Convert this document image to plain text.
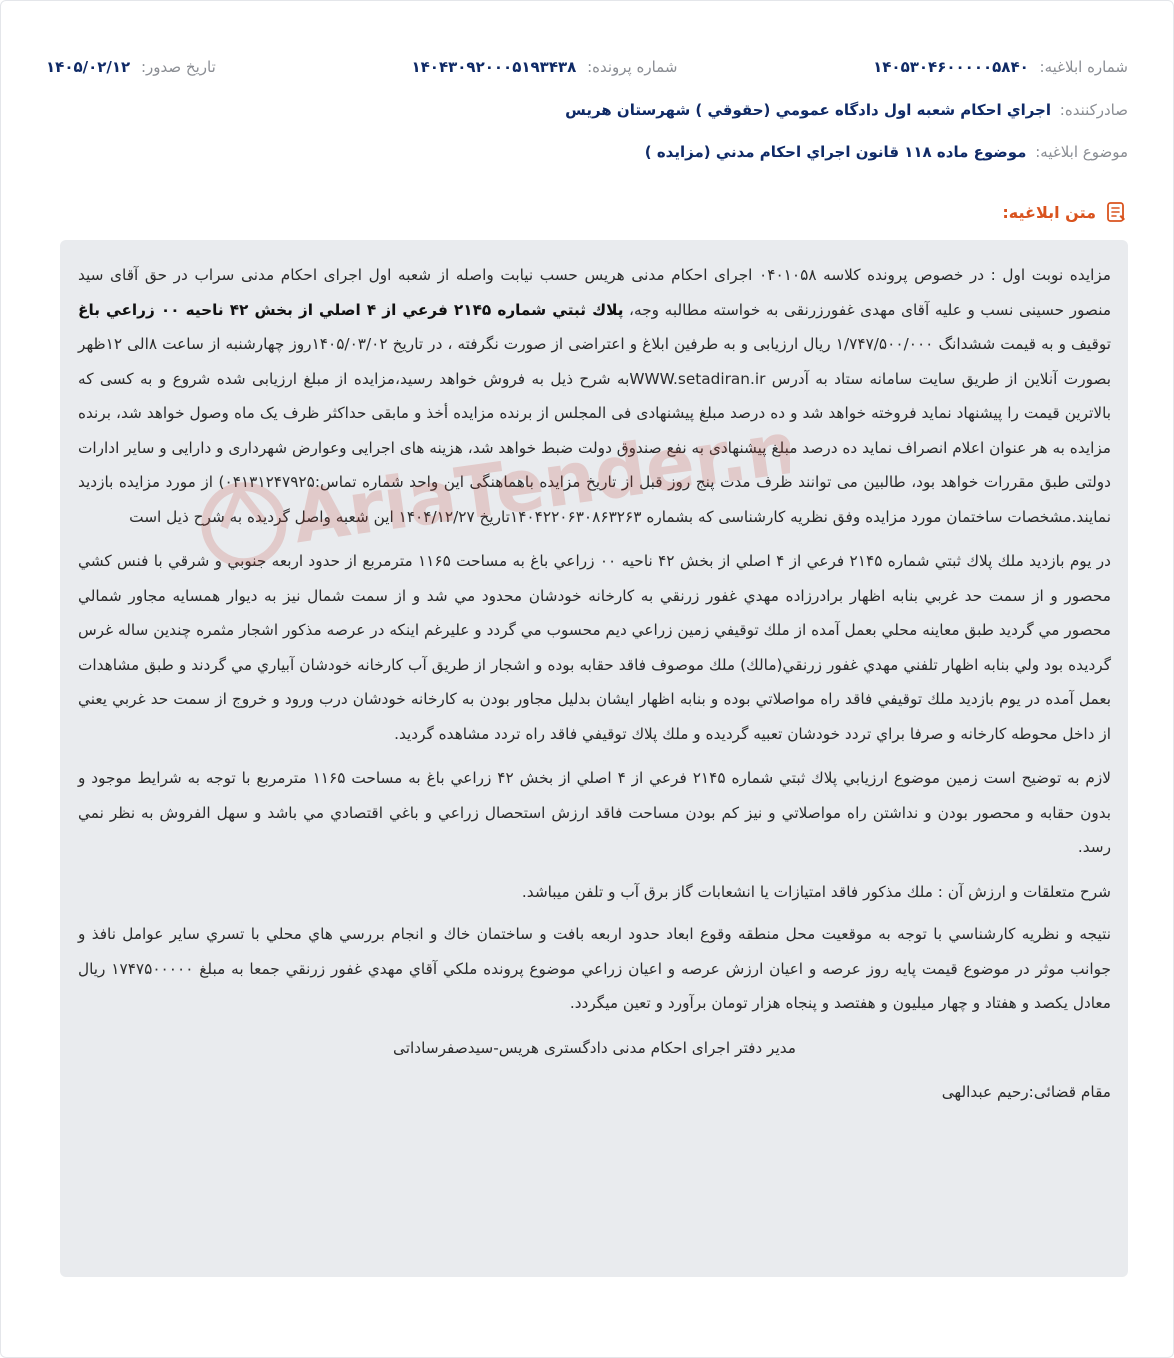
شماره ابلاغیه: ۱۴۰۵۳۰۴۶۰۰۰۰۰۵۸۴۰
شماره پرونده: ۱۴۰۴۳۰۹۲۰۰۰۵۱۹۳۴۳۸
تاریخ صدور: ۱۴۰۵/۰۲/۱۲
صادرکننده: اجراي احكام شعبه اول دادگاه عمومي (حقوقي ) شهرستان هريس
موضوع ابلاغیه: موضوع ماده ۱۱۸ قانون اجراي احكام مدني (مزايده )
متن ابلاغیه:

مزایده نوبت اول : در خصوص پرونده کلاسه ۰۴۰۱۰۵۸ اجرای احکام مدنی هریس حسب نیابت واصله از شعبه اول اجرای احکام مدنی سراب در حق آقای سید منصور حسینی نسب و علیه آقای مهدی غفورزرنقی به خواسته مطالبه وجه، پلاك ثبتي شماره ۲۱۴۵ فرعي از ۴ اصلي از بخش ۴۲ ناحيه ۰۰ زراعي باغ توقیف و به قیمت ششدانگ ۱/۷۴۷/۵۰۰/۰۰۰ ریال ارزیابی و به طرفین ابلاغ و اعتراضی از صورت نگرفته ، در تاریخ ۱۴۰۵/۰۳/۰۲روز چهارشنبه از ساعت ۸الی ۱۲ظهر بصورت آنلاین از طریق سایت سامانه ستاد به آدرس WWW.setadiran.irبه شرح ذیل به فروش خواهد رسید،مزایده از مبلغ ارزیابی شده شروع و به کسی که بالاترین قیمت را پیشنهاد نماید فروخته خواهد شد و ده درصد مبلغ پیشنهادی فی المجلس از برنده مزایده أخذ و مابقی حداکثر ظرف یک ماه وصول خواهد شد، برنده مزایده به هر عنوان اعلام انصراف نماید ده درصد مبلغ پیشنهادی به نفع صندوق دولت ضبط خواهد شد، هزینه های اجرایی وعوارض شهرداری و دارایی و سایر ادارات دولتی طبق مقررات خواهد بود، طالبین می توانند ظرف مدت پنج روز قبل از تاریخ مزایده باهماهنگی این واحد شماره تماس:۰۴۱۳۱۲۴۷۹۲۵) از مورد مزایده بازدید نمایند.مشخصات ساختمان مورد مزایده وفق نظریه کارشناسی که بشماره ۱۴۰۴۲۲۰۶۳۰۸۶۳۲۶۳تاریخ ۱۴۰۴/۱۲/۲۷ این شعبه واصل گردیده به شرح ذیل است

در يوم بازديد ملك پلاك ثبتي شماره ۲۱۴۵ فرعي از ۴ اصلي از بخش ۴۲ ناحيه ۰۰ زراعي باغ به مساحت ۱۱۶۵ مترمربع از حدود اربعه جنوبي و شرقي با فنس كشي محصور و از سمت حد غربي بنابه اظهار برادرزاده مهدي غفور زرنقي به كارخانه خودشان محدود مي شد و از سمت شمال نيز به ديوار همسايه مجاور شمالي محصور مي گرديد طبق معاينه محلي بعمل آمده از ملك توقيفي زمين زراعي ديم محسوب مي گردد و عليرغم اينكه در عرصه مذكور اشجار مثمره چندين ساله غرس گرديده بود ولي بنابه اظهار تلفني مهدي غفور زرنقي(مالك) ملك موصوف فاقد حقابه بوده و اشجار از طريق آب كارخانه خودشان آبياري مي گردند و طبق مشاهدات بعمل آمده در يوم بازديد ملك توقيفي فاقد راه مواصلاتي بوده و بنابه اظهار ايشان بدليل مجاور بودن به كارخانه خودشان درب ورود و خروج از سمت حد غربي يعني از داخل محوطه كارخانه و صرفا براي تردد خودشان تعبيه گرديده و ملك پلاك توقيفي فاقد راه تردد مشاهده گرديد.

لازم به توضيح است زمين موضوع ارزيابي پلاك ثبتي شماره ۲۱۴۵ فرعي از ۴ اصلي از بخش ۴۲ زراعي باغ به مساحت ۱۱۶۵ مترمربع با توجه به شرايط موجود و بدون حقابه و محصور بودن و نداشتن راه مواصلاتي و نيز كم بودن مساحت فاقد ارزش استحصال زراعي و باغي اقتصادي مي باشد و سهل الفروش به نظر نمي رسد.

شرح متعلقات و ارزش آن : ملك مذكور فاقد امتيازات يا انشعابات گاز برق آب و تلفن ميباشد.

نتيجه و نظريه كارشناسي با توجه به موقعيت محل منطقه وقوع ابعاد حدود اربعه بافت و ساختمان خاك و انجام بررسي هاي محلي با تسري ساير عوامل نافذ و جوانب موثر در موضوع قيمت پايه روز عرصه و اعيان ارزش عرصه و اعيان زراعي موضوع پرونده ملكي آقاي مهدي غفور زرنقي جمعا به مبلغ ۱۷۴۷۵۰۰۰۰۰ ريال معادل يكصد و هفتاد و چهار ميليون و هفتصد و پنجاه هزار تومان برآورد و تعين ميگردد.

مدیر دفتر اجرای احکام مدنی دادگستری هریس-سیدصفرساداتی

مقام قضائی:رحیم عبدالهی
